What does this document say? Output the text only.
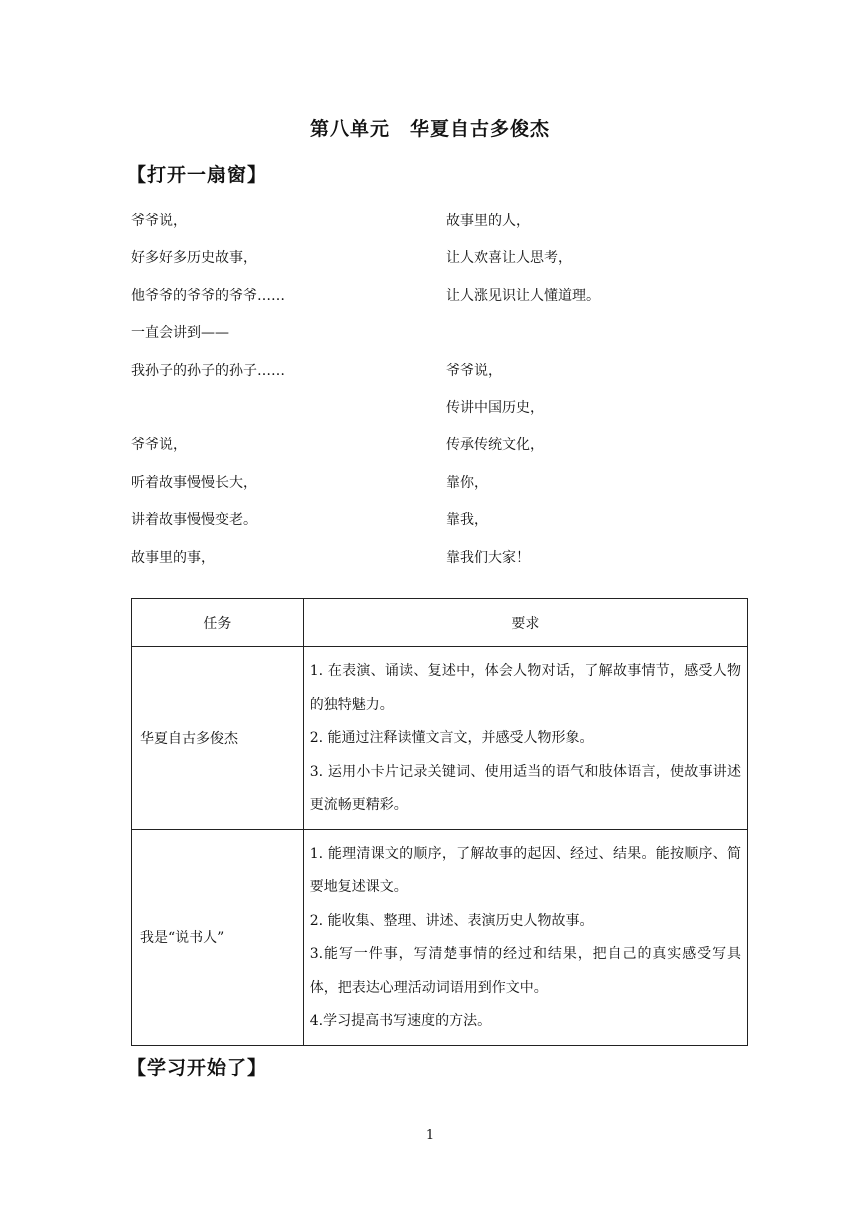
第八单元　华夏自古多俊杰
【打开一扇窗】
爷爷说，
好多好多历史故事，
他爷爷的爷爷的爷爷……
一直会讲到——
我孙子的孙子的孙子……
爷爷说，
听着故事慢慢长大，
讲着故事慢慢变老。
故事里的事，
故事里的人，
让人欢喜让人思考，
让人涨见识让人懂道理。
爷爷说，
传讲中国历史，
传承传统文化，
靠你，
靠我，
靠我们大家！
任务	要求
华夏自古多俊杰	1. 在表演、诵读、复述中，体会人物对话，了解故事情节，感受人物的独特魅力。
2. 能通过注释读懂文言文，并感受人物形象。
3. 运用小卡片记录关键词、使用适当的语气和肢体语言，使故事讲述更流畅更精彩。

我是“说书人”	1. 能理清课文的顺序，了解故事的起因、经过、结果。能按顺序、简要地复述课文。
2. 能收集、整理、讲述、表演历史人物故事。
3.能写一件事，写清楚事情的经过和结果，把自己的真实感受写具体，把表达心理活动词语用到作文中。
4.学习提高书写速度的方法。
【学习开始了】
1
